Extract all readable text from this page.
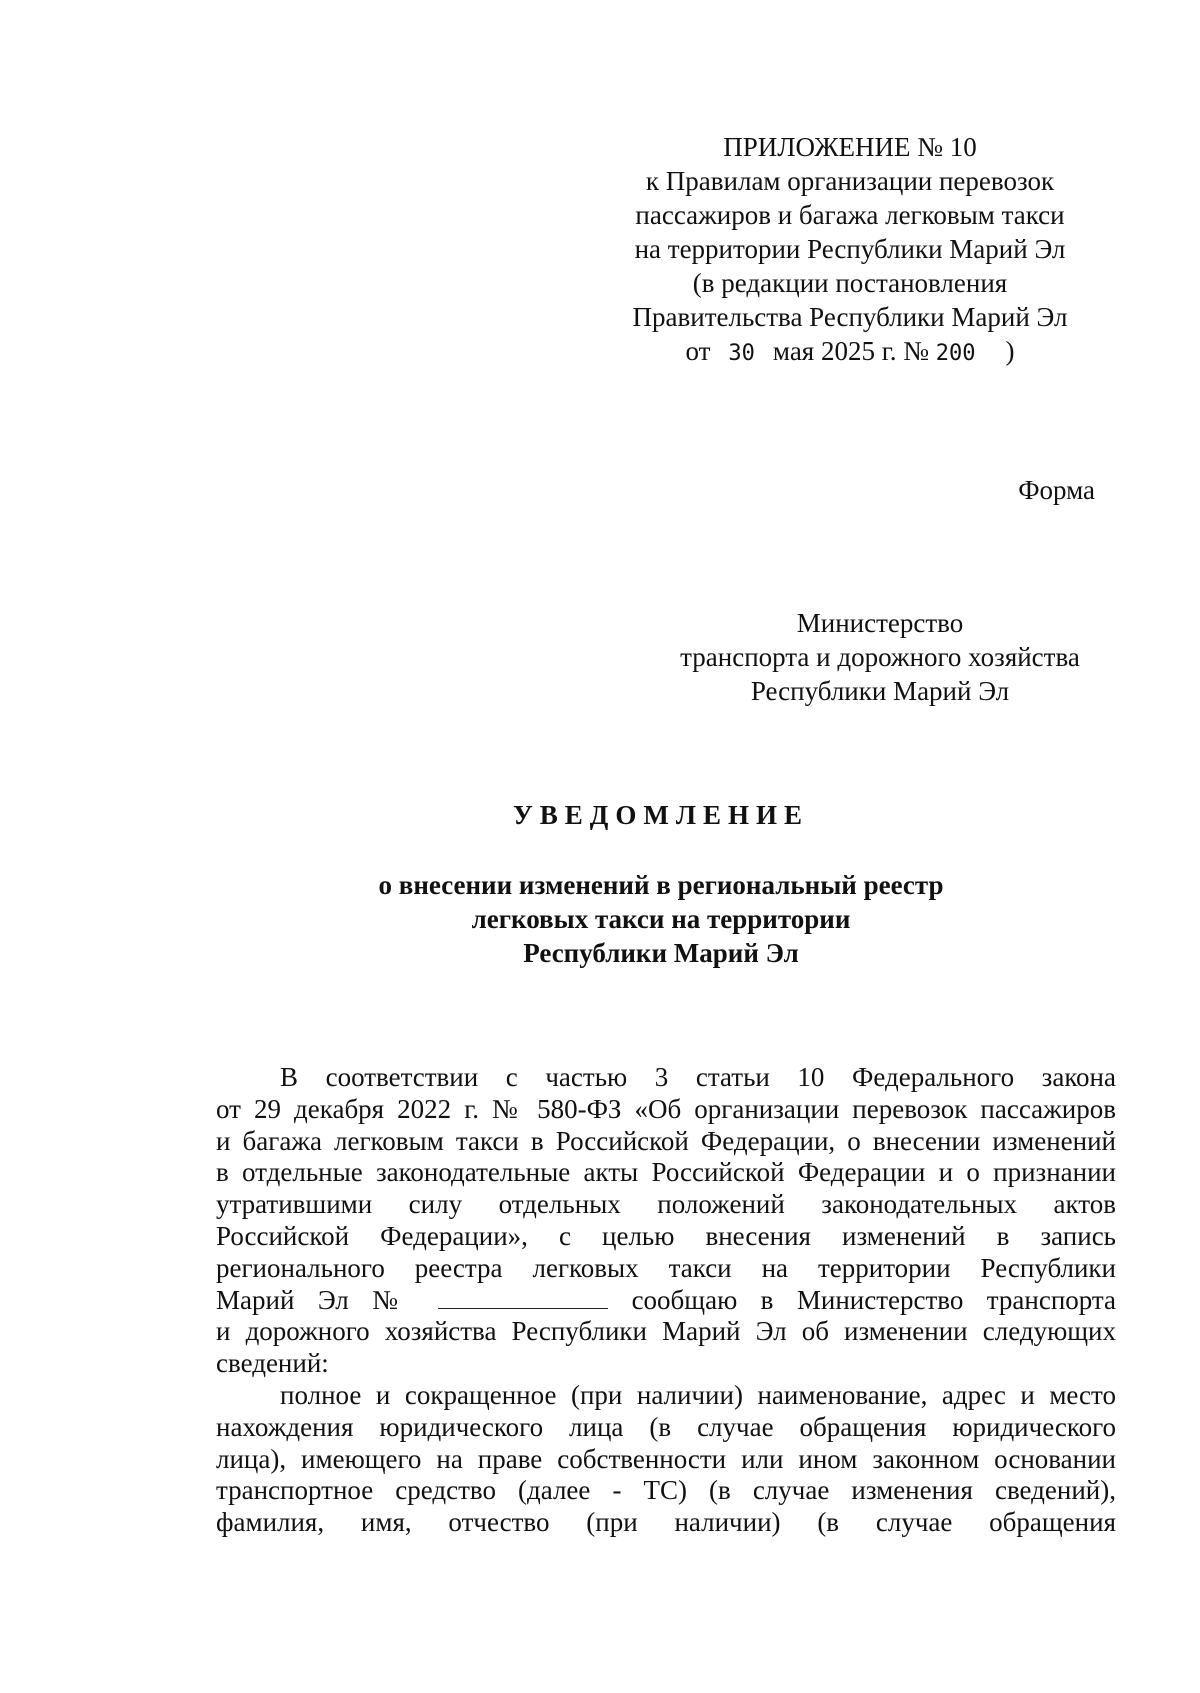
ПРИЛОЖЕНИЕ № 10
к Правилам организации перевозок
пассажиров и багажа легковым такси
на территории Республики Марий Эл
(в редакции постановления
Правительства Республики Марий Эл
от 30 мая 2025 г. № 200 )
Форма
Министерство
транспорта и дорожного хозяйства
Республики Марий Эл
УВЕДОМЛЕНИЕ
о внесении изменений в региональный реестр
легковых такси на территории
Республики Марий Эл
В соответствии с частью 3 статьи 10 Федерального закона
от 29 декабря 2022 г. № 580-ФЗ «Об организации перевозок пассажиров
и багажа легковым такси в Российской Федерации, о внесении изменений
в отдельные законодательные акты Российской Федерации и о признании
утратившими силу отдельных положений законодательных актов
Российской Федерации», с целью внесения изменений в запись
регионального реестра легковых такси на территории Республики
Марий Эл №	сообщаю в Министерство транспорта
и дорожного хозяйства Республики Марий Эл об изменении следующих
сведений:
полное и сокращенное (при наличии) наименование, адрес и место
нахождения юридического лица (в случае обращения юридического
лица), имеющего на праве собственности или ином законном основании
транспортное средство (далее - ТС) (в случае изменения сведений),
фамилия, имя, отчество (при наличии) (в случае обращения
